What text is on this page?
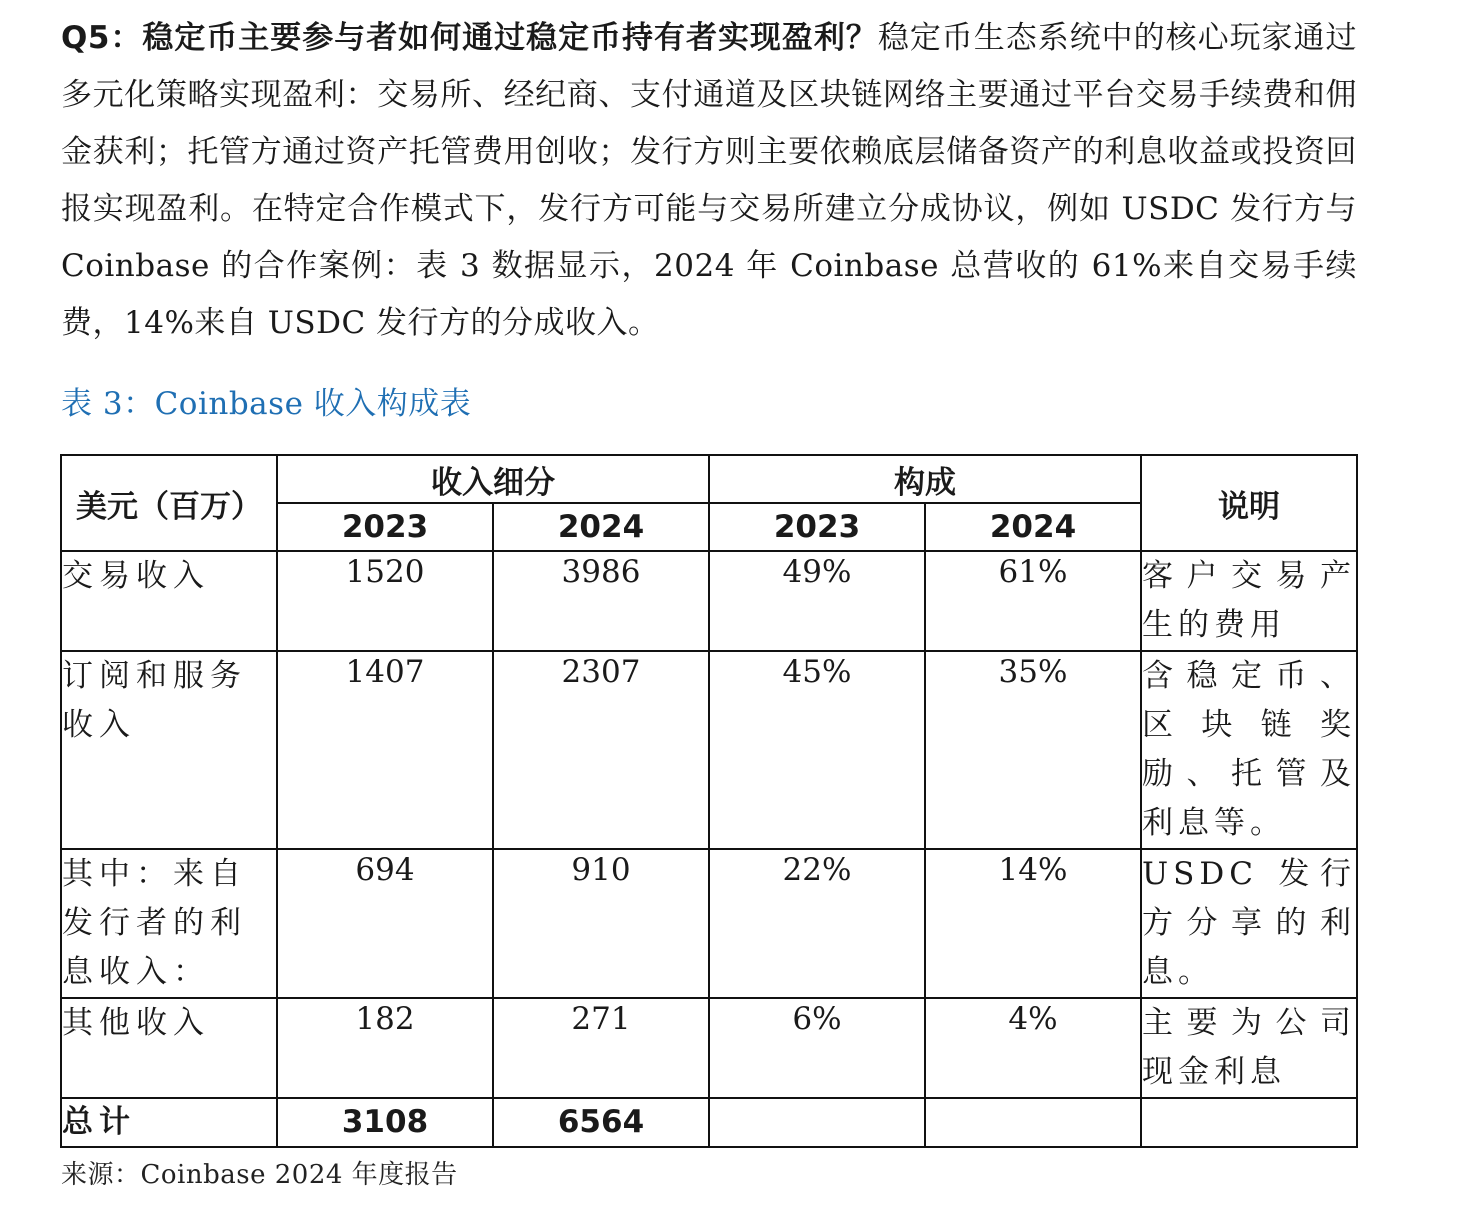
Q5：稳定币主要参与者如何通过稳定币持有者实现盈利？稳定币生态系统中的核心玩家通过多元化策略实现盈利：交易所、经纪商、支付通道及区块链网络主要通过平台交易手续费和佣金获利；托管方通过资产托管费用创收；发行方则主要依赖底层储备资产的利息收益或投资回报实现盈利。在特定合作模式下，发行方可能与交易所建立分成协议，例如 USDC 发行方与 Coinbase 的合作案例：表 3 数据显示，2024 年 Coinbase 总营收的 61%来自交易手续费，14%来自 USDC 发行方的分成收入。

表 3：Coinbase 收入构成表
美元（百万）	收入细分		构成		说明
	2023	2024	2023	2024	
交易收入	1520	3986	49%	61%	客户交易产生的费用
订阅和服务收入	1407	2307	45%	35%	含稳定币、区块链奖励、托管及利息等。
其中：来自发行者的利息收入：	694	910	22%	14%	USDC 发行方分享的利息。
其他收入	182	271	6%	4%	主要为公司现金利息
总计	3108	6564			
来源：Coinbase 2024 年度报告
